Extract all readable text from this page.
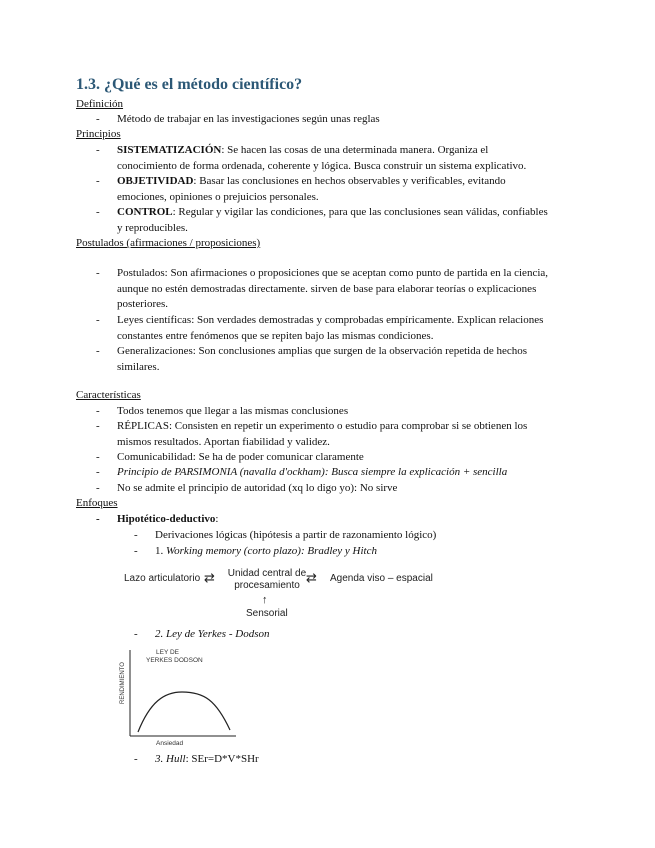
1.3. ¿Qué es el método científico?
Definición
- Método de trabajar en las investigaciones según unas reglas
Principios
- SISTEMATIZACIÓN: Se hacen las cosas de una determinada manera. Organiza el
conocimiento de forma ordenada, coherente y lógica. Busca construir un sistema explicativo.
- OBJETIVIDAD: Basar las conclusiones en hechos observables y verificables, evitando
emociones, opiniones o prejuicios personales.
- CONTROL: Regular y vigilar las condiciones, para que las conclusiones sean válidas, confiables
y reproducibles.
Postulados (afirmaciones / proposiciones)
- Postulados: Son afirmaciones o proposiciones que se aceptan como punto de partida en la ciencia,
aunque no estén demostradas directamente. sirven de base para elaborar teorías o explicaciones
posteriores.
- Leyes científicas: Son verdades demostradas y comprobadas empíricamente. Explican relaciones
constantes entre fenómenos que se repiten bajo las mismas condiciones.
- Generalizaciones: Son conclusiones amplias que surgen de la observación repetida de hechos
similares.
Características
- Todos tenemos que llegar a las mismas conclusiones
- RÉPLICAS: Consisten en repetir un experimento o estudio para comprobar si se obtienen los
mismos resultados. Aportan fiabilidad y validez.
- Comunicabilidad: Se ha de poder comunicar claramente
- Principio de PARSIMONIA (navalla d'ockham): Busca siempre la explicación + sencilla
- No se admite el principio de autoridad (xq lo digo yo): No sirve
Enfoques
- Hipotético-deductivo:
- Derivaciones lógicas (hipótesis a partir de razonamiento lógico)
- 1. Working memory (corto plazo): Bradley y Hitch
Lazo articulatorio ⇄	Unidad central de
procesamiento
⇄ Agenda viso – espacial
↑
Sensorial
- 2. Ley de Yerkes - Dodson
LEY DE
YERKES DODSON
RENDIMIENTO
Ansiedad
- 3. Hull: SEr=D*V*SHr
